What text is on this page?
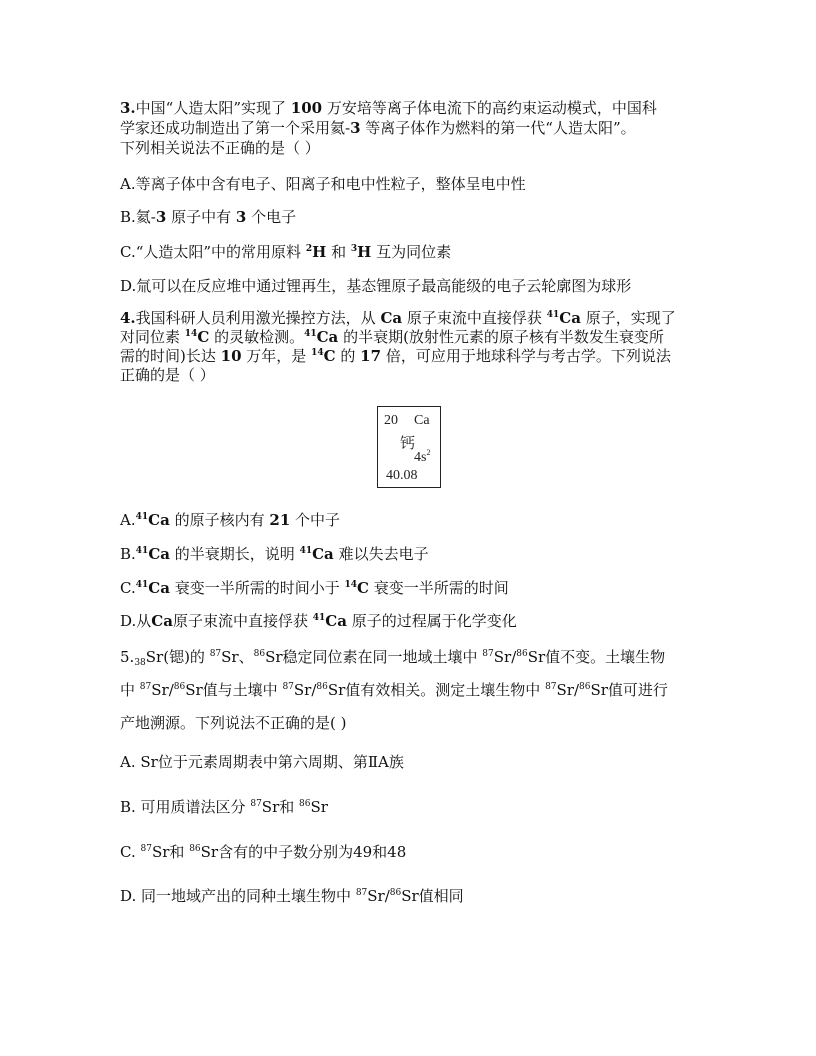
3.中国“人造太阳”实现了 100 万安培等离子体电流下的高约束运动模式，中国科
学家还成功制造出了第一个采用氦-3 等离子体作为燃料的第一代“人造太阳”。
下列相关说法不正确的是（ ）
A.等离子体中含有电子、阳离子和电中性粒子，整体呈电中性
B.氦-3 原子中有 3 个电子
C.“人造太阳”中的常用原料 $^2$H 和 $^3$H 互为同位素
D.氚可以在反应堆中通过锂再生，基态锂原子最高能级的电子云轮廓图为球形
4.我国科研人员利用激光操控方法，从 Ca 原子束流中直接俘获 $^{41}$Ca 原子，实现了
对同位素 $^{14}$C 的灵敏检测。$^{41}$Ca 的半衰期(放射性元素的原子核有半数发生衰变所
需的时间)长达 10 万年，是 $^{14}$C 的 17 倍，可应用于地球科学与考古学。下列说法
正确的是（ ）
20 Ca
钙
$4s^2$
40.08
A.$^{41}$Ca 的原子核内有 21 个中子
B.$^{41}$Ca 的半衰期长，说明 $^{41}$Ca 难以失去电子
C.$^{41}$Ca 衰变一半所需的时间小于 $^{14}$C 衰变一半所需的时间
D.从Ca原子束流中直接俘获 $^{41}$Ca 原子的过程属于化学变化
$5._{38}Sr$(锶)的 $^{87}$Sr、$^{86}$Sr稳定同位素在同一地域土壤中 $^{87}$Sr/$^{86}$Sr值不变。土壤生物
中 $^{87}$Sr/$^{86}$Sr值与土壤中 $^{87}$Sr/$^{86}$Sr值有效相关。测定土壤生物中 $^{87}$Sr/$^{86}$Sr值可进行
产地溯源。下列说法不正确的是( )
A. Sr位于元素周期表中第六周期、第ⅡA族
B. 可用质谱法区分 $^{87}$Sr和 $^{86}$Sr
C. $^{87}$Sr和 $^{86}$Sr含有的中子数分别为49和48
D. 同一地域产出的同种土壤生物中 $^{87}$Sr/$^{86}$Sr值相同
